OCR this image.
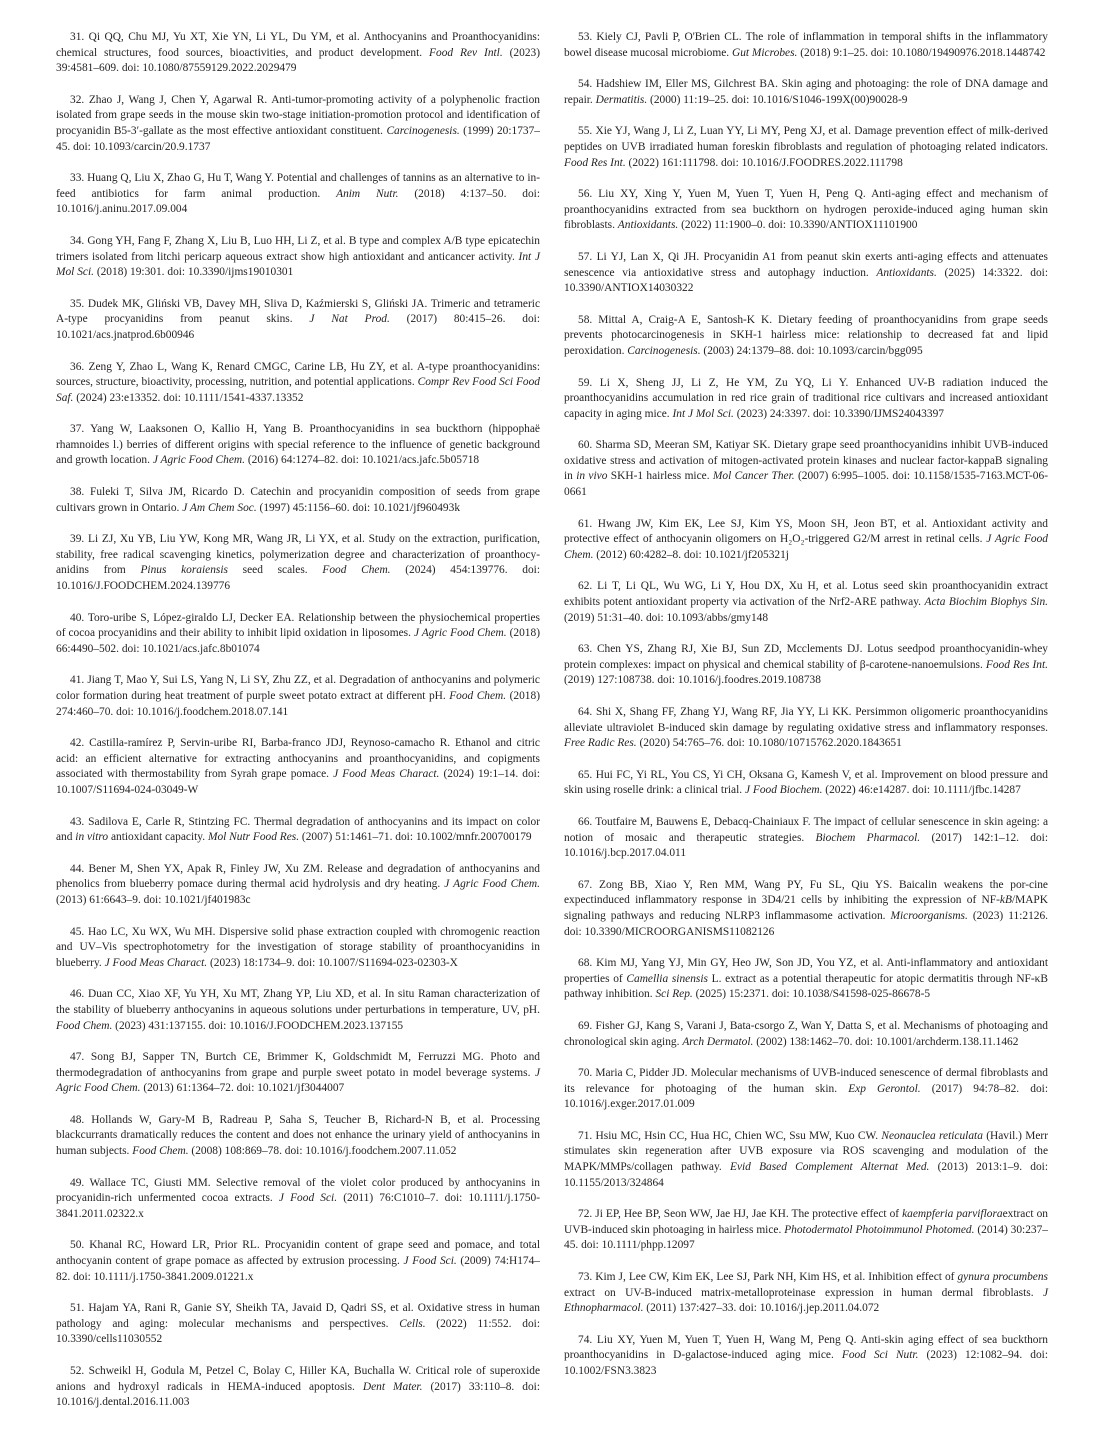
31. Qi QQ, Chu MJ, Yu XT, Xie YN, Li YL, Du YM, et al. Anthocyanins and Proanthocyanidins: chemical structures, food sources, bioactivities, and product development. Food Rev Intl. (2023) 39:4581–609. doi: 10.1080/87559129.2022.2029479

32. Zhao J, Wang J, Chen Y, Agarwal R. Anti-tumor-promoting activity of a polyphenolic fraction isolated from grape seeds in the mouse skin two-stage initiation-promotion protocol and identification of procyanidin B5-3′-gallate as the most effective antioxidant constituent. Carcinogenesis. (1999) 20:1737–45. doi: 10.1093/carcin/20.9.1737

33. Huang Q, Liu X, Zhao G, Hu T, Wang Y. Potential and challenges of tannins as an alternative to in-feed antibiotics for farm animal production. Anim Nutr. (2018) 4:137–50. doi: 10.1016/j.aninu.2017.09.004

34. Gong YH, Fang F, Zhang X, Liu B, Luo HH, Li Z, et al. B type and complex A/B type epicatechin trimers isolated from litchi pericarp aqueous extract show high antioxidant and anticancer activity. Int J Mol Sci. (2018) 19:301. doi: 10.3390/ijms19010301

35. Dudek MK, Gliński VB, Davey MH, Sliva D, Kaźmierski S, Gliński JA. Trimeric and tetrameric A-type procyanidins from peanut skins. J Nat Prod. (2017) 80:415–26. doi: 10.1021/acs.jnatprod.6b00946

36. Zeng Y, Zhao L, Wang K, Renard CMGC, Carine LB, Hu ZY, et al. A-type proanthocyanidins: sources, structure, bioactivity, processing, nutrition, and potential applications. Compr Rev Food Sci Food Saf. (2024) 23:e13352. doi: 10.1111/1541-4337.13352

37. Yang W, Laaksonen O, Kallio H, Yang B. Proanthocyanidins in sea buckthorn (hippophaë rhamnoides l.) berries of different origins with special reference to the influence of genetic background and growth location. J Agric Food Chem. (2016) 64:1274–82. doi: 10.1021/acs.jafc.5b05718

38. Fuleki T, Silva JM, Ricardo D. Catechin and procyanidin composition of seeds from grape cultivars grown in Ontario. J Am Chem Soc. (1997) 45:1156–60. doi: 10.1021/jf960493k

39. Li ZJ, Xu YB, Liu YW, Kong MR, Wang JR, Li YX, et al. Study on the extraction, purification, stability, free radical scavenging kinetics, polymerization degree and characterization of proanthocy-anidins from Pinus koraiensis seed scales. Food Chem. (2024) 454:139776. doi: 10.1016/J.FOODCHEM.2024.139776

40. Toro-uribe S, López-giraldo LJ, Decker EA. Relationship between the physiochemical properties of cocoa procyanidins and their ability to inhibit lipid oxidation in liposomes. J Agric Food Chem. (2018) 66:4490–502. doi: 10.1021/acs.jafc.8b01074

41. Jiang T, Mao Y, Sui LS, Yang N, Li SY, Zhu ZZ, et al. Degradation of anthocyanins and polymeric color formation during heat treatment of purple sweet potato extract at different pH. Food Chem. (2018) 274:460–70. doi: 10.1016/j.foodchem.2018.07.141

42. Castilla-ramírez P, Servin-uribe RI, Barba-franco JDJ, Reynoso-camacho R. Ethanol and citric acid: an efficient alternative for extracting anthocyanins and proanthocyanidins, and copigments associated with thermostability from Syrah grape pomace. J Food Meas Charact. (2024) 19:1–14. doi: 10.1007/S11694-024-03049-W

43. Sadilova E, Carle R, Stintzing FC. Thermal degradation of anthocyanins and its impact on color and in vitro antioxidant capacity. Mol Nutr Food Res. (2007) 51:1461–71. doi: 10.1002/mnfr.200700179

44. Bener M, Shen YX, Apak R, Finley JW, Xu ZM. Release and degradation of anthocyanins and phenolics from blueberry pomace during thermal acid hydrolysis and dry heating. J Agric Food Chem. (2013) 61:6643–9. doi: 10.1021/jf401983c

45. Hao LC, Xu WX, Wu MH. Dispersive solid phase extraction coupled with chromogenic reaction and UV–Vis spectrophotometry for the investigation of storage stability of proanthocyanidins in blueberry. J Food Meas Charact. (2023) 18:1734–9. doi: 10.1007/S11694-023-02303-X

46. Duan CC, Xiao XF, Yu YH, Xu MT, Zhang YP, Liu XD, et al. In situ Raman characterization of the stability of blueberry anthocyanins in aqueous solutions under perturbations in temperature, UV, pH. Food Chem. (2023) 431:137155. doi: 10.1016/J.FOODCHEM.2023.137155

47. Song BJ, Sapper TN, Burtch CE, Brimmer K, Goldschmidt M, Ferruzzi MG. Photo and thermodegradation of anthocyanins from grape and purple sweet potato in model beverage systems. J Agric Food Chem. (2013) 61:1364–72. doi: 10.1021/jf3044007

48. Hollands W, Gary-M B, Radreau P, Saha S, Teucher B, Richard-N B, et al. Processing blackcurrants dramatically reduces the content and does not enhance the urinary yield of anthocyanins in human subjects. Food Chem. (2008) 108:869–78. doi: 10.1016/j.foodchem.2007.11.052

49. Wallace TC, Giusti MM. Selective removal of the violet color produced by anthocyanins in procyanidin-rich unfermented cocoa extracts. J Food Sci. (2011) 76:C1010–7. doi: 10.1111/j.1750-3841.2011.02322.x

50. Khanal RC, Howard LR, Prior RL. Procyanidin content of grape seed and pomace, and total anthocyanin content of grape pomace as affected by extrusion processing. J Food Sci. (2009) 74:H174–82. doi: 10.1111/j.1750-3841.2009.01221.x

51. Hajam YA, Rani R, Ganie SY, Sheikh TA, Javaid D, Qadri SS, et al. Oxidative stress in human pathology and aging: molecular mechanisms and perspectives. Cells. (2022) 11:552. doi: 10.3390/cells11030552

52. Schweikl H, Godula M, Petzel C, Bolay C, Hiller KA, Buchalla W. Critical role of superoxide anions and hydroxyl radicals in HEMA-induced apoptosis. Dent Mater. (2017) 33:110–8. doi: 10.1016/j.dental.2016.11.003

53. Kiely CJ, Pavli P, O'Brien CL. The role of inflammation in temporal shifts in the inflammatory bowel disease mucosal microbiome. Gut Microbes. (2018) 9:1–25. doi: 10.1080/19490976.2018.1448742

54. Hadshiew IM, Eller MS, Gilchrest BA. Skin aging and photoaging: the role of DNA damage and repair. Dermatitis. (2000) 11:19–25. doi: 10.1016/S1046-199X(00)90028-9

55. Xie YJ, Wang J, Li Z, Luan YY, Li MY, Peng XJ, et al. Damage prevention effect of milk-derived peptides on UVB irradiated human foreskin fibroblasts and regulation of photoaging related indicators. Food Res Int. (2022) 161:111798. doi: 10.1016/J.FOODRES.2022.111798

56. Liu XY, Xing Y, Yuen M, Yuen T, Yuen H, Peng Q. Anti-aging effect and mechanism of proanthocyanidins extracted from sea buckthorn on hydrogen peroxide-induced aging human skin fibroblasts. Antioxidants. (2022) 11:1900–0. doi: 10.3390/ANTIOX11101900

57. Li YJ, Lan X, Qi JH. Procyanidin A1 from peanut skin exerts anti-aging effects and attenuates senescence via antioxidative stress and autophagy induction. Antioxidants. (2025) 14:3322. doi: 10.3390/ANTIOX14030322

58. Mittal A, Craig-A E, Santosh-K K. Dietary feeding of proanthocyanidins from grape seeds prevents photocarcinogenesis in SKH-1 hairless mice: relationship to decreased fat and lipid peroxidation. Carcinogenesis. (2003) 24:1379–88. doi: 10.1093/carcin/bgg095

59. Li X, Sheng JJ, Li Z, He YM, Zu YQ, Li Y. Enhanced UV-B radiation induced the proanthocyanidins accumulation in red rice grain of traditional rice cultivars and increased antioxidant capacity in aging mice. Int J Mol Sci. (2023) 24:3397. doi: 10.3390/IJMS24043397

60. Sharma SD, Meeran SM, Katiyar SK. Dietary grape seed proanthocyanidins inhibit UVB-induced oxidative stress and activation of mitogen-activated protein kinases and nuclear factor-kappaB signaling in in vivo SKH-1 hairless mice. Mol Cancer Ther. (2007) 6:995–1005. doi: 10.1158/1535-7163.MCT-06-0661

61. Hwang JW, Kim EK, Lee SJ, Kim YS, Moon SH, Jeon BT, et al. Antioxidant activity and protective effect of anthocyanin oligomers on H₂O₂-triggered G2/M arrest in retinal cells. J Agric Food Chem. (2012) 60:4282–8. doi: 10.1021/jf205321j

62. Li T, Li QL, Wu WG, Li Y, Hou DX, Xu H, et al. Lotus seed skin proanthocyanidin extract exhibits potent antioxidant property via activation of the Nrf2-ARE pathway. Acta Biochim Biophys Sin. (2019) 51:31–40. doi: 10.1093/abbs/gmy148

63. Chen YS, Zhang RJ, Xie BJ, Sun ZD, Mcclements DJ. Lotus seedpod proanthocyanidin-whey protein complexes: impact on physical and chemical stability of β-carotene-nanoemulsions. Food Res Int. (2019) 127:108738. doi: 10.1016/j.foodres.2019.108738

64. Shi X, Shang FF, Zhang YJ, Wang RF, Jia YY, Li KK. Persimmon oligomeric proanthocyanidins alleviate ultraviolet B-induced skin damage by regulating oxidative stress and inflammatory responses. Free Radic Res. (2020) 54:765–76. doi: 10.1080/10715762.2020.1843651

65. Hui FC, Yi RL, You CS, Yi CH, Oksana G, Kamesh V, et al. Improvement on blood pressure and skin using roselle drink: a clinical trial. J Food Biochem. (2022) 46:e14287. doi: 10.1111/jfbc.14287

66. Toutfaire M, Bauwens E, Debacq-Chainiaux F. The impact of cellular senescence in skin ageing: a notion of mosaic and therapeutic strategies. Biochem Pharmacol. (2017) 142:1–12. doi: 10.1016/j.bcp.2017.04.011

67. Zong BB, Xiao Y, Ren MM, Wang PY, Fu SL, Qiu YS. Baicalin weakens the por-cine expectinduced inflammatory response in 3D4/21 cells by inhibiting the expression of NF-kB/MAPK signaling pathways and reducing NLRP3 inflammasome activation. Microorganisms. (2023) 11:2126. doi: 10.3390/MICROORGANISMS11082126

68. Kim MJ, Yang YJ, Min GY, Heo JW, Son JD, You YZ, et al. Anti-inflammatory and antioxidant properties of Camellia sinensis L. extract as a potential therapeutic for atopic dermatitis through NF-κB pathway inhibition. Sci Rep. (2025) 15:2371. doi: 10.1038/S41598-025-86678-5

69. Fisher GJ, Kang S, Varani J, Bata-csorgo Z, Wan Y, Datta S, et al. Mechanisms of photoaging and chronological skin aging. Arch Dermatol. (2002) 138:1462–70. doi: 10.1001/archderm.138.11.1462

70. Maria C, Pidder JD. Molecular mechanisms of UVB-induced senescence of dermal fibroblasts and its relevance for photoaging of the human skin. Exp Gerontol. (2017) 94:78–82. doi: 10.1016/j.exger.2017.01.009

71. Hsiu MC, Hsin CC, Hua HC, Chien WC, Ssu MW, Kuo CW. Neonauclea reticulata (Havil.) Merr stimulates skin regeneration after UVB exposure via ROS scavenging and modulation of the MAPK/MMPs/collagen pathway. Evid Based Complement Alternat Med. (2013) 2013:1–9. doi: 10.1155/2013/324864

72. Ji EP, Hee BP, Seon WW, Jae HJ, Jae KH. The protective effect of kaempferia parvifloraextract on UVB-induced skin photoaging in hairless mice. Photodermatol Photoimmunol Photomed. (2014) 30:237–45. doi: 10.1111/phpp.12097

73. Kim J, Lee CW, Kim EK, Lee SJ, Park NH, Kim HS, et al. Inhibition effect of gynura procumbens extract on UV-B-induced matrix-metalloproteinase expression in human dermal fibroblasts. J Ethnopharmacol. (2011) 137:427–33. doi: 10.1016/j.jep.2011.04.072

74. Liu XY, Yuen M, Yuen T, Yuen H, Wang M, Peng Q. Anti-skin aging effect of sea buckthorn proanthocyanidins in D-galactose-induced aging mice. Food Sci Nutr. (2023) 12:1082–94. doi: 10.1002/FSN3.3823
